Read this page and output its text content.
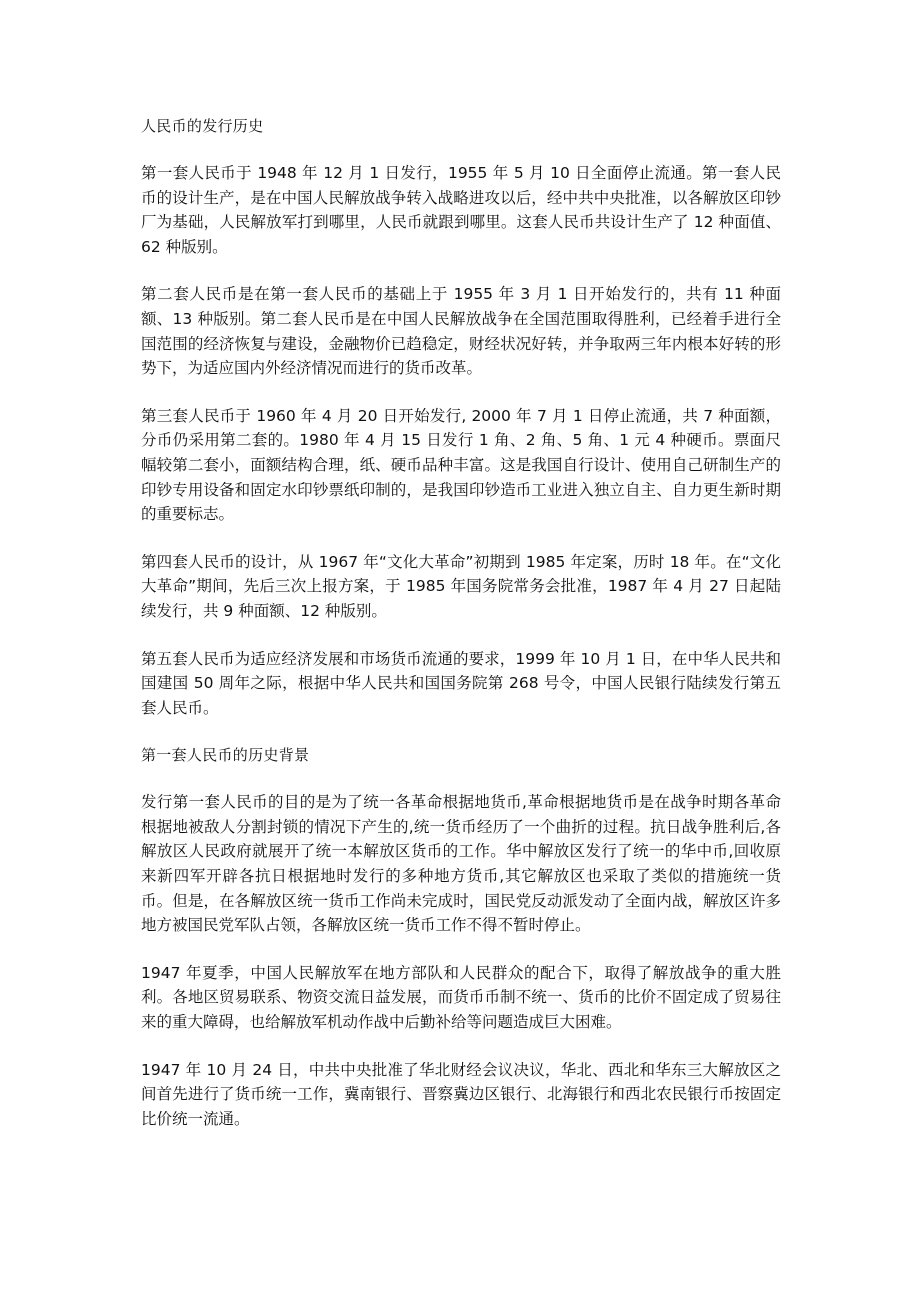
人民币的发行历史

第一套人民币于 1948 年 12 月 1 日发行，1955 年 5 月 10 日全面停止流通。第一套人民币的设计生产，是在中国人民解放战争转入战略进攻以后，经中共中央批准，以各解放区印钞厂为基础，人民解放军打到哪里，人民币就跟到哪里。这套人民币共设计生产了 12 种面值、62 种版别。

第二套人民币是在第一套人民币的基础上于 1955 年 3 月 1 日开始发行的，共有 11 种面额、13 种版别。第二套人民币是在中国人民解放战争在全国范围取得胜利，已经着手进行全国范围的经济恢复与建设，金融物价已趋稳定，财经状况好转，并争取两三年内根本好转的形势下，为适应国内外经济情况而进行的货币改革。

第三套人民币于 1960 年 4 月 20 日开始发行, 2000 年 7 月 1 日停止流通，共 7 种面额，分币仍采用第二套的。1980 年 4 月 15 日发行 1 角、2 角、5 角、1 元 4 种硬币。票面尺幅较第二套小，面额结构合理，纸、硬币品种丰富。这是我国自行设计、使用自己研制生产的印钞专用设备和固定水印钞票纸印制的，是我国印钞造币工业进入独立自主、自力更生新时期的重要标志。

第四套人民币的设计，从 1967 年“文化大革命”初期到 1985 年定案，历时 18 年。在“文化大革命”期间，先后三次上报方案，于 1985 年国务院常务会批准，1987 年 4 月 27 日起陆续发行，共 9 种面额、12 种版别。

第五套人民币为适应经济发展和市场货币流通的要求，1999 年 10 月 1 日，在中华人民共和国建国 50 周年之际，根据中华人民共和国国务院第 268 号令，中国人民银行陆续发行第五套人民币。

第一套人民币的历史背景

发行第一套人民币的目的是为了统一各革命根据地货币,革命根据地货币是在战争时期各革命根据地被敌人分割封锁的情况下产生的,统一货币经历了一个曲折的过程。抗日战争胜利后,各解放区人民政府就展开了统一本解放区货币的工作。华中解放区发行了统一的华中币,回收原来新四军开辟各抗日根据地时发行的多种地方货币,其它解放区也采取了类似的措施统一货币。但是，在各解放区统一货币工作尚未完成时，国民党反动派发动了全面内战，解放区许多地方被国民党军队占领，各解放区统一货币工作不得不暂时停止。

1947 年夏季，中国人民解放军在地方部队和人民群众的配合下，取得了解放战争的重大胜利。各地区贸易联系、物资交流日益发展，而货币币制不统一、货币的比价不固定成了贸易往来的重大障碍，也给解放军机动作战中后勤补给等问题造成巨大困难。

1947 年 10 月 24 日，中共中央批准了华北财经会议决议，华北、西北和华东三大解放区之间首先进行了货币统一工作，冀南银行、晋察冀边区银行、北海银行和西北农民银行币按固定比价统一流通。
